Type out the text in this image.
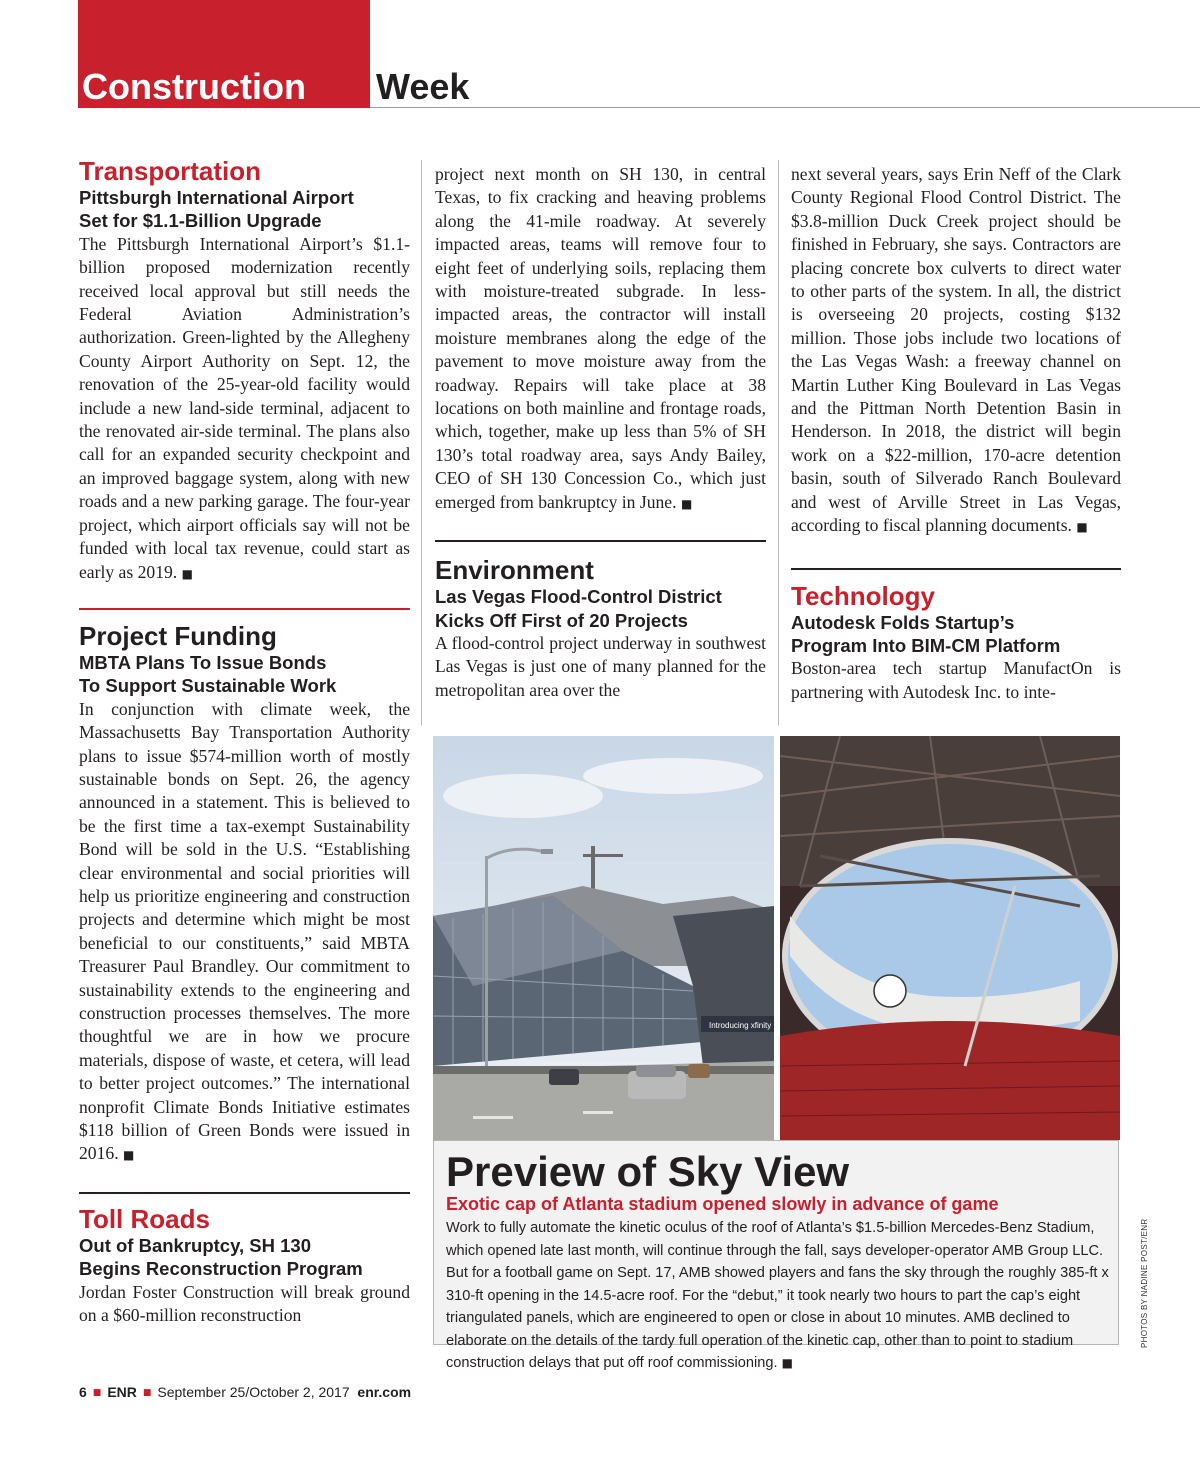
Construction Week
Transportation

Pittsburgh International Airport

Set for $1.1-Billion Upgrade

The Pittsburgh International Airport’s $1.1-billion proposed modernization recently received local approval but still needs the Federal Aviation Administration’s authorization. Green-lighted by the Allegheny County Airport Authority on Sept. 12, the renovation of the 25-year-old facility would include a new land-side terminal, adjacent to the renovated air-side terminal. The plans also call for an expanded security checkpoint and an improved baggage system, along with new roads and a new parking garage. The four-year project, which airport officials say will not be funded with local tax revenue, could start as early as 2019. ■

Project Funding

MBTA Plans To Issue Bonds

To Support Sustainable Work

In conjunction with climate week, the Massachusetts Bay Transportation Authority plans to issue $574-million worth of mostly sustainable bonds on Sept. 26, the agency announced in a statement. This is believed to be the first time a tax-exempt Sustainability Bond will be sold in the U.S. “Establishing clear environmental and social priorities will help us prioritize engineering and construction projects and determine which might be most beneficial to our constituents,” said MBTA Treasurer Paul Brandley. Our commitment to sustainability extends to the engineering and construction processes themselves. The more thoughtful we are in how we procure materials, dispose of waste, et cetera, will lead to better project outcomes.” The international nonprofit Climate Bonds Initiative estimates $118 billion of Green Bonds were issued in 2016. ■

Toll Roads

Out of Bankruptcy, SH 130

Begins Reconstruction Program

Jordan Foster Construction will break ground on a $60-million reconstruction

project next month on SH 130, in central Texas, to fix cracking and heaving problems along the 41-mile roadway. At severely impacted areas, teams will remove four to eight feet of underlying soils, replacing them with moisture-treated subgrade. In less-impacted areas, the contractor will install moisture membranes along the edge of the pavement to move moisture away from the roadway. Repairs will take place at 38 locations on both mainline and frontage roads, which, together, make up less than 5% of SH 130’s total roadway area, says Andy Bailey, CEO of SH 130 Concession Co., which just emerged from bankruptcy in June. ■

Environment

Las Vegas Flood-Control District

Kicks Off First of 20 Projects

A flood-control project underway in southwest Las Vegas is just one of many planned for the metropolitan area over the

next several years, says Erin Neff of the Clark County Regional Flood Control District. The $3.8-million Duck Creek project should be finished in February, she says. Contractors are placing concrete box culverts to direct water to other parts of the system. In all, the district is overseeing 20 projects, costing $132 million. Those jobs include two locations of the Las Vegas Wash: a freeway channel on Martin Luther King Boulevard in Las Vegas and the Pittman North Detention Basin in Henderson. In 2018, the district will begin work on a $22-million, 170-acre detention basin, south of Silverado Ranch Boulevard and west of Arville Street in Las Vegas, according to fiscal planning documents. ■

Technology

Autodesk Folds Startup’s

Program Into BIM-CM Platform

Boston-area tech startup ManufactOn is partnering with Autodesk Inc. to inte-

Introducing xfinity
Preview of Sky View

Exotic cap of Atlanta stadium opened slowly in advance of game

Work to fully automate the kinetic oculus of the roof of Atlanta’s $1.5-billion Mercedes-Benz Stadium, which opened late last month, will continue through the fall, says developer-operator AMB Group LLC. But for a football game on Sept. 17, AMB showed players and fans the sky through the roughly 385-ft x 310-ft opening in the 14.5-acre roof. For the “debut,” it took nearly two hours to part the cap’s eight triangulated panels, which are engineered to open or close in about 10 minutes. AMB declined to elaborate on the details of the tardy full operation of the kinetic cap, other than to point to stadium construction delays that put off roof commissioning. ■

PHOTOS BY NADINE POST/ENR
6 ■ ENR ■ September 25/October 2, 2017 enr.com
